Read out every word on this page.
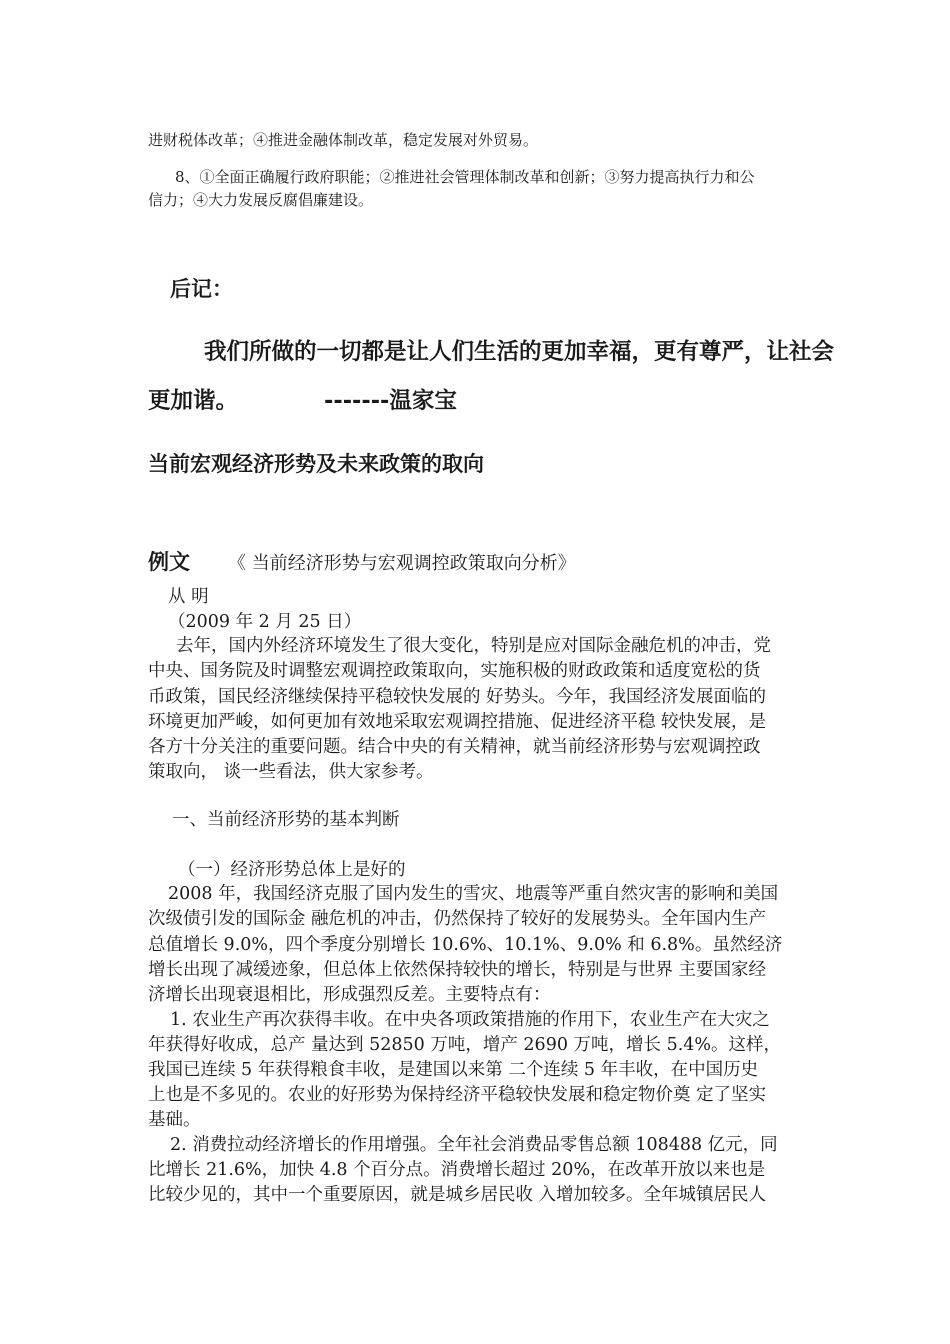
进财税体改革；④推进金融体制改革，稳定发展对外贸易。
8、①全面正确履行政府职能；②推进社会管理体制改革和创新；③努力提高执行力和公
信力；④大力发展反腐倡廉建设。
后记：
我们所做的一切都是让人们生活的更加幸福，更有尊严，让社会
更加谐。	-------温家宝
当前宏观经济形势及未来政策的取向
例文 《 当前经济形势与宏观调控政策取向分析》
从 明
（2009 年 2 月 25 日）
去年，国内外经济环境发生了很大变化，特别是应对国际金融危机的冲击，党
中央、国务院及时调整宏观调控政策取向，实施积极的财政政策和适度宽松的货
币政策，国民经济继续保持平稳较快发展的 好势头。今年，我国经济发展面临的
环境更加严峻，如何更加有效地采取宏观调控措施、促进经济平稳 较快发展，是
各方十分关注的重要问题。结合中央的有关精神，就当前经济形势与宏观调控政
策取向， 谈一些看法，供大家参考。
一、当前经济形势的基本判断
（一）经济形势总体上是好的
2008 年，我国经济克服了国内发生的雪灾、地震等严重自然灾害的影响和美国
次级债引发的国际金 融危机的冲击，仍然保持了较好的发展势头。全年国内生产
总值增长 9.0%，四个季度分别增长 10.6%、10.1%、9.0% 和 6.8%。虽然经济
增长出现了减缓迹象，但总体上依然保持较快的增长，特别是与世界 主要国家经
济增长出现衰退相比，形成强烈反差。主要特点有：
1. 农业生产再次获得丰收。在中央各项政策措施的作用下，农业生产在大灾之
年获得好收成，总产 量达到 52850 万吨，增产 2690 万吨，增长 5.4%。这样，
我国已连续 5 年获得粮食丰收，是建国以来第 二个连续 5 年丰收，在中国历史
上也是不多见的。农业的好形势为保持经济平稳较快发展和稳定物价奠 定了坚实
基础。
2. 消费拉动经济增长的作用增强。全年社会消费品零售总额 108488 亿元，同
比增长 21.6%，加快 4.8 个百分点。消费增长超过 20%，在改革开放以来也是
比较少见的，其中一个重要原因，就是城乡居民收 入增加较多。全年城镇居民人
